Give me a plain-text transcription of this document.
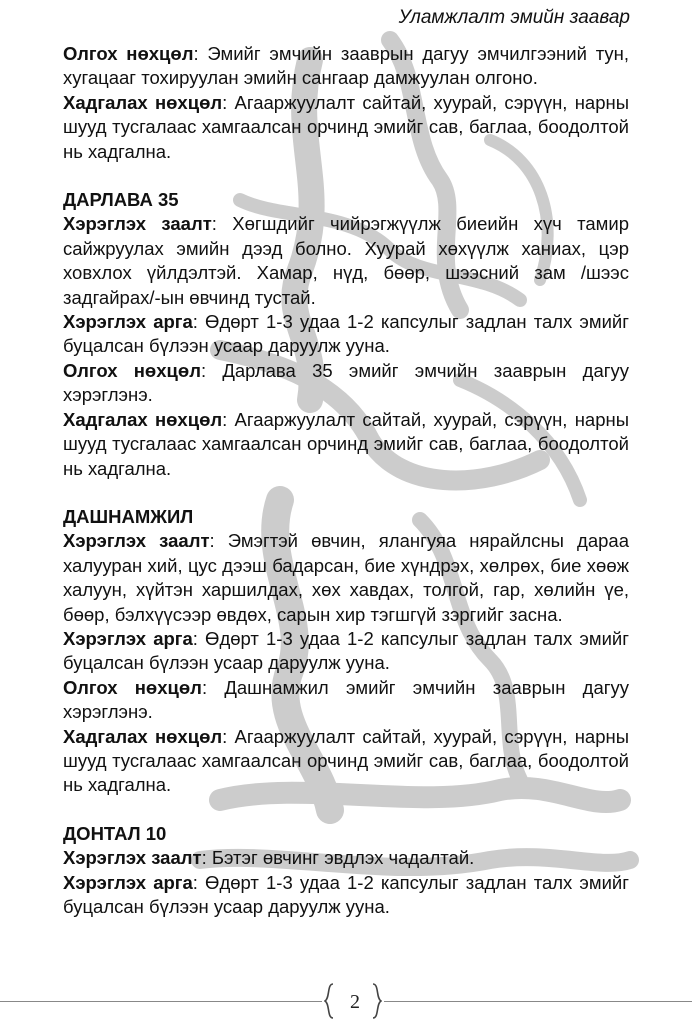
Уламжлалт эмийн заавар

Олгох нөхцөл: Эмийг эмчийн зааврын дагуу эмчилгээний тун, хугацааг тохируулан эмийн сангаар дамжуулан олгоно.

Хадгалах нөхцөл: Агааржуулалт сайтай, хуурай, сэрүүн, нарны шууд тусгалаас хамгаалсан орчинд эмийг сав, баглаа, боодолтой нь хадгална.

ДАРЛАВА 35

Хэрэглэх заалт: Хөгшдийг чийрэгжүүлж биеийн хүч тамир сайжруулах эмийн дээд болно. Хуурай хөхүүлж ханиах, цэр ховхлох үйлдэлтэй. Хамар, нүд, бөөр, шээсний зам /шээс задгайрах/-ын өвчинд тустай.

Хэрэглэх арга: Өдөрт 1-3 удаа 1-2 капсулыг задлан талх эмийг буцалсан бүлээн усаар даруулж ууна.

Олгох нөхцөл: Дарлава 35 эмийг эмчийн зааврын дагуу хэрэглэнэ.

Хадгалах нөхцөл: Агааржуулалт сайтай, хуурай, сэрүүн, нарны шууд тусгалаас хамгаалсан орчинд эмийг сав, баглаа, боодолтой нь хадгална.

ДАШНАМЖИЛ

Хэрэглэх заалт: Эмэгтэй өвчин, ялангуяа нярайлсны дараа халууран хий, цус дээш бадарсан, бие хүндрэх, хөлрөх, бие хөөж халуун, хүйтэн харшилдах, хөх хавдах, толгой, гар, хөлийн үе, бөөр, бэлхүүсээр өвдөх, сарын хир тэгшгүй зэргийг засна.

Хэрэглэх арга: Өдөрт 1-3 удаа 1-2 капсулыг задлан талх эмийг буцалсан бүлээн усаар даруулж ууна.

Олгох нөхцөл: Дашнамжил эмийг эмчийн зааврын дагуу хэрэглэнэ.

Хадгалах нөхцөл: Агааржуулалт сайтай, хуурай, сэрүүн, нарны шууд тусгалаас хамгаалсан орчинд эмийг сав, баглаа, боодолтой нь хадгална.

ДОНТАЛ 10

Хэрэглэх заалт: Бэтэг өвчинг эвдлэх чадалтай.

Хэрэглэх арга: Өдөрт 1-3 удаа 1-2 капсулыг задлан талх эмийг буцалсан бүлээн усаар даруулж ууна.

2
